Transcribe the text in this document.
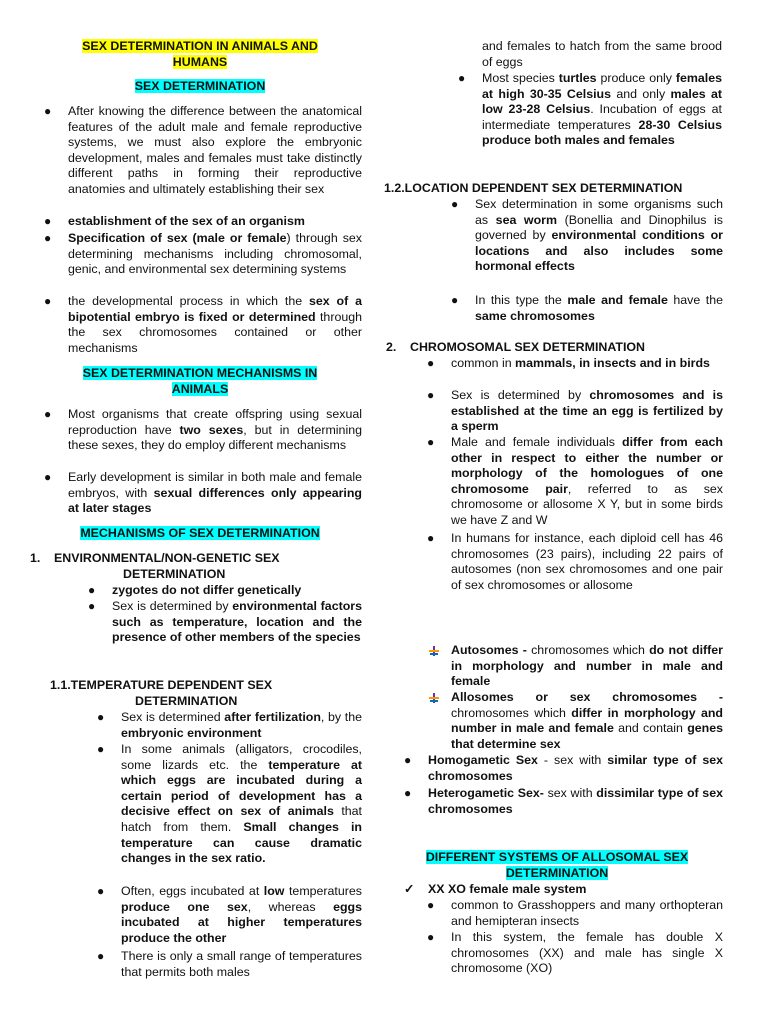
SEX DETERMINATION IN ANIMALS AND
HUMANS
SEX DETERMINATION
● After knowing the difference between the anatomical features of the adult male and female reproductive systems, we must also explore the embryonic development, males and females must take distinctly different paths in forming their reproductive anatomies and ultimately establishing their sex
● establishment of the sex of an organism
● Specification of sex (male or female) through sex determining mechanisms including chromosomal, genic, and environmental sex determining systems
● the developmental process in which the sex of a bipotential embryo is fixed or determined through the sex chromosomes contained or other mechanisms
SEX DETERMINATION MECHANISMS IN
ANIMALS
● Most organisms that create offspring using sexual reproduction have two sexes, but in determining these sexes, they do employ different mechanisms
● Early development is similar in both male and female embryos, with sexual differences only appearing at later stages
MECHANISMS OF SEX DETERMINATION
1. ENVIRONMENTAL/NON-GENETIC SEX

DETERMINATION
● zygotes do not differ genetically
● Sex is determined by environmental factors such as temperature, location and the presence of other members of the species
1.1.TEMPERATURE DEPENDENT SEX
DETERMINATION
● Sex is determined after fertilization, by the embryonic environment
● In some animals (alligators, crocodiles, some lizards etc. the temperature at which eggs are incubated during a certain period of development has a decisive effect on sex of animals that hatch from them. Small changes in temperature can cause dramatic changes in the sex ratio.
● Often, eggs incubated at low temperatures produce one sex, whereas eggs incubated at higher temperatures produce the other
● There is only a small range of temperatures that permits both males
and females to hatch from the same brood of eggs
● Most species turtles produce only females at high 30-35 Celsius and only males at low 23-28 Celsius. Incubation of eggs at intermediate temperatures 28-30 Celsius produce both males and females
1.2.LOCATION DEPENDENT SEX DETERMINATION
● Sex determination in some organisms such as sea worm (Bonellia and Dinophilus is governed by environmental conditions or locations and also includes some hormonal effects
● In this type the male and female have the same chromosomes
2. CHROMOSOMAL SEX DETERMINATION
● common in mammals, in insects and in birds
● Sex is determined by chromosomes and is established at the time an egg is fertilized by a sperm
● Male and female individuals differ from each other in respect to either the number or morphology of the homologues of one chromosome pair, referred to as sex chromosome or allosome X Y, but in some birds we have Z and W
● In humans for instance, each diploid cell has 46 chromosomes (23 pairs), including 22 pairs of autosomes (non sex chromosomes and one pair of sex chromosomes or allosome
Autosomes - chromosomes which do not differ in morphology and number in male and female
Allosomes or sex chromosomes - chromosomes which differ in morphology and number in male and female and contain genes that determine sex
● Homogametic Sex - sex with similar type of sex chromosomes
● Heterogametic Sex- sex with dissimilar type of sex chromosomes
DIFFERENT SYSTEMS OF ALLOSOMAL SEX
DETERMINATION
✓ XX XO female male system
● common to Grasshoppers and many orthopteran and hemipteran insects
● In this system, the female has double X chromosomes (XX) and male has single X chromosome (XO)
